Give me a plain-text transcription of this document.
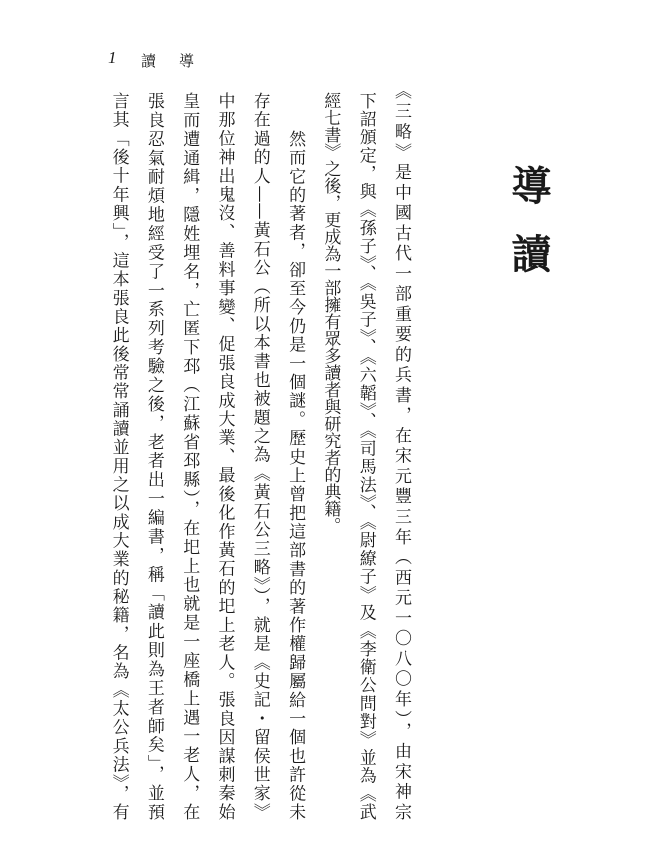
1 讀 導
導讀
《三略》是中國古代一部重要的兵書，在宋元豐三年（西元一〇八〇年），由宋神宗
下詔頒定，與《孫子》、《吳子》、《六韜》、《司馬法》、《尉繚子》及《李衛公問對》並為《武
經七書》之後，更成為一部擁有眾多讀者與研究者的典籍。
然而它的著者，卻至今仍是一個謎。歷史上曾把這部書的著作權歸屬給一個也許從未
存在過的人——黃石公（所以本書也被題之為《黃石公三略》），就是《史記・留侯世家》
中那位神出鬼沒、善料事變、促張良成大業、最後化作黃石的圯上老人。張良因謀刺秦始
皇而遭通緝，隱姓埋名，亡匿下邳（江蘇省邳縣），在圯上也就是一座橋上遇一老人，在
張良忍氣耐煩地經受了一系列考驗之後，老者出一編書，稱「讀此則為王者師矣」，並預
言其「後十年興」，這本張良此後常常誦讀並用之以成大業的秘籍，名為《太公兵法》，有
